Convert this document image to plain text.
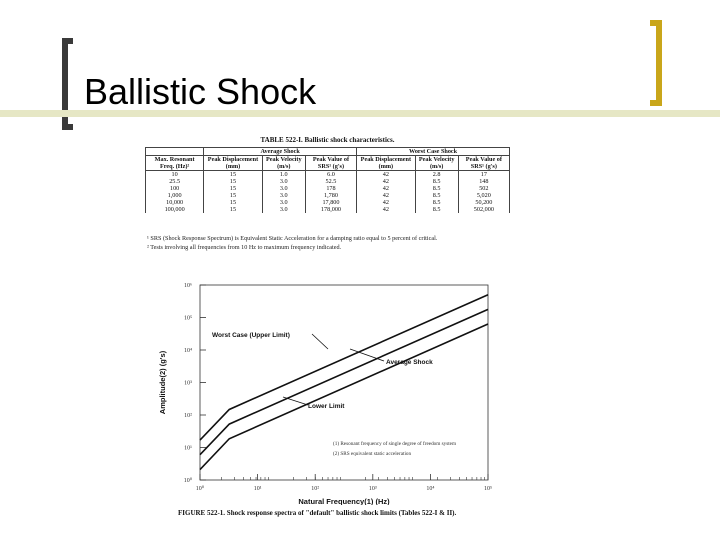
Ballistic Shock
TABLE 522-I. Ballistic shock characteristics.
	Average Shock			Worst Case Shock		
Max. Resonant Freq. (Hz)²	Peak Displacement (mm)	Peak Velocity (m/s)	Peak Value of SRS¹ (g's)	Peak Displacement (mm)	Peak Velocity (m/s)	Peak Value of SRS¹ (g's)
10	15	1.0	6.0	42	2.8	17
25.5	15	3.0	52.5	42	8.5	148
100	15	3.0	178	42	8.5	502
1,000	15	3.0	1,780	42	8.5	5,020
10,000	15	3.0	17,800	42	8.5	50,200
100,000	15	3.0	178,000	42	8.5	502,000
¹ SRS (Shock Response Spectrum) is Equivalent Static Acceleration for a damping ratio equal to 5 percent of critical.
² Tests involving all frequencies from 10 Hz to maximum frequency indicated.
10⁰	10¹	10²	10³	10⁴	10⁵
10⁰
10¹
10²
10³
10⁴
10⁵
10⁶
Natural Frequency(1) (Hz)
Amplitude(2) (g's)
Worst Case (Upper Limit)
Average Shock
Lower Limit
(1) Resonant frequency of single degree of freedom system
(2) SRS equivalent static acceleration
FIGURE 522-1. Shock response spectra of "default" ballistic shock limits (Tables 522-I & II).
